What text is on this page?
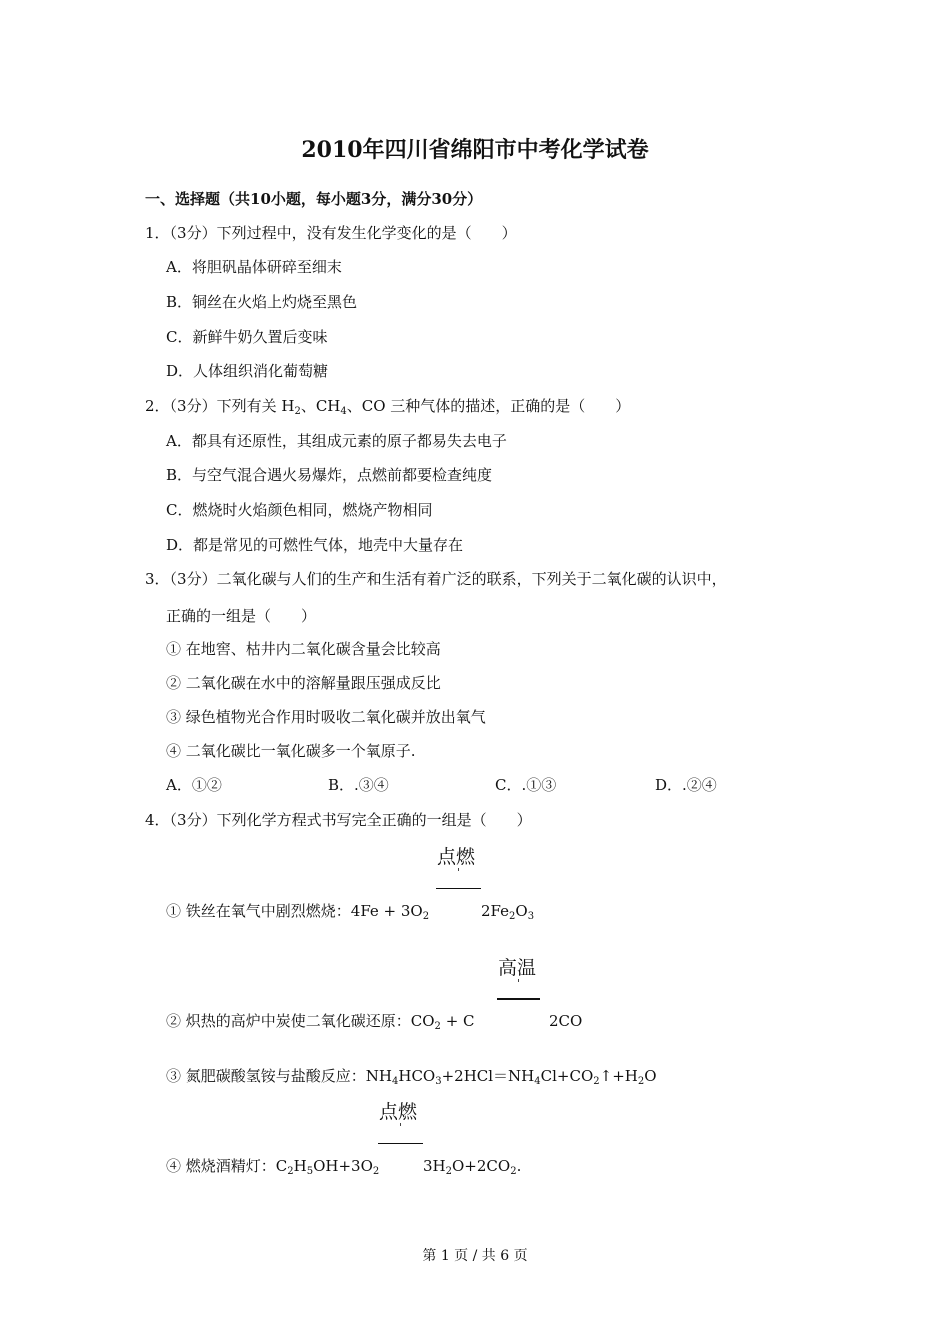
2010年四川省绵阳市中考化学试卷
一、选择题（共10小题，每小题3分，满分30分）
1．（3分）下列过程中，没有发生化学变化的是（　　）
A．将胆矾晶体研碎至细末
B．铜丝在火焰上灼烧至黑色
C．新鲜牛奶久置后变味
D．人体组织消化葡萄糖
2．（3分）下列有关 $H_2$、$CH_4$、CO 三种气体的描述，正确的是（　　）
A．都具有还原性，其组成元素的原子都易失去电子
B．与空气混合遇火易爆炸，点燃前都要检查纯度
C．燃烧时火焰颜色相同，燃烧产物相同
D．都是常见的可燃性气体，地壳中大量存在
3．（3分）二氧化碳与人们的生产和生活有着广泛的联系，下列关于二氧化碳的认识中，
正确的一组是（　　）
① 在地窖、枯井内二氧化碳含量会比较高
② 二氧化碳在水中的溶解量跟压强成反比
③ 绿色植物光合作用时吸收二氧化碳并放出氧气
④ 二氧化碳比一氧化碳多一个氧原子.
A．①②	B．.③④	C．.①③	D．.②④
4．（3分）下列化学方程式书写完全正确的一组是（　　）
点燃
① 铁丝在氧气中剧烈燃烧：$4Fe + 3O_2$	$2Fe_2O_3$
高温
② 炽热的高炉中炭使二氧化碳还原：$CO_2 + C$	2CO
③ 氮肥碳酸氢铵与盐酸反应：$NH_4HCO_3+2HCl=NH_4Cl+CO_2↑+H_2O$
点燃
④ 燃烧酒精灯：$C_2H_5OH+3O_2$	$3H_2O+2CO_2$.
第 1 页 / 共 6 页
